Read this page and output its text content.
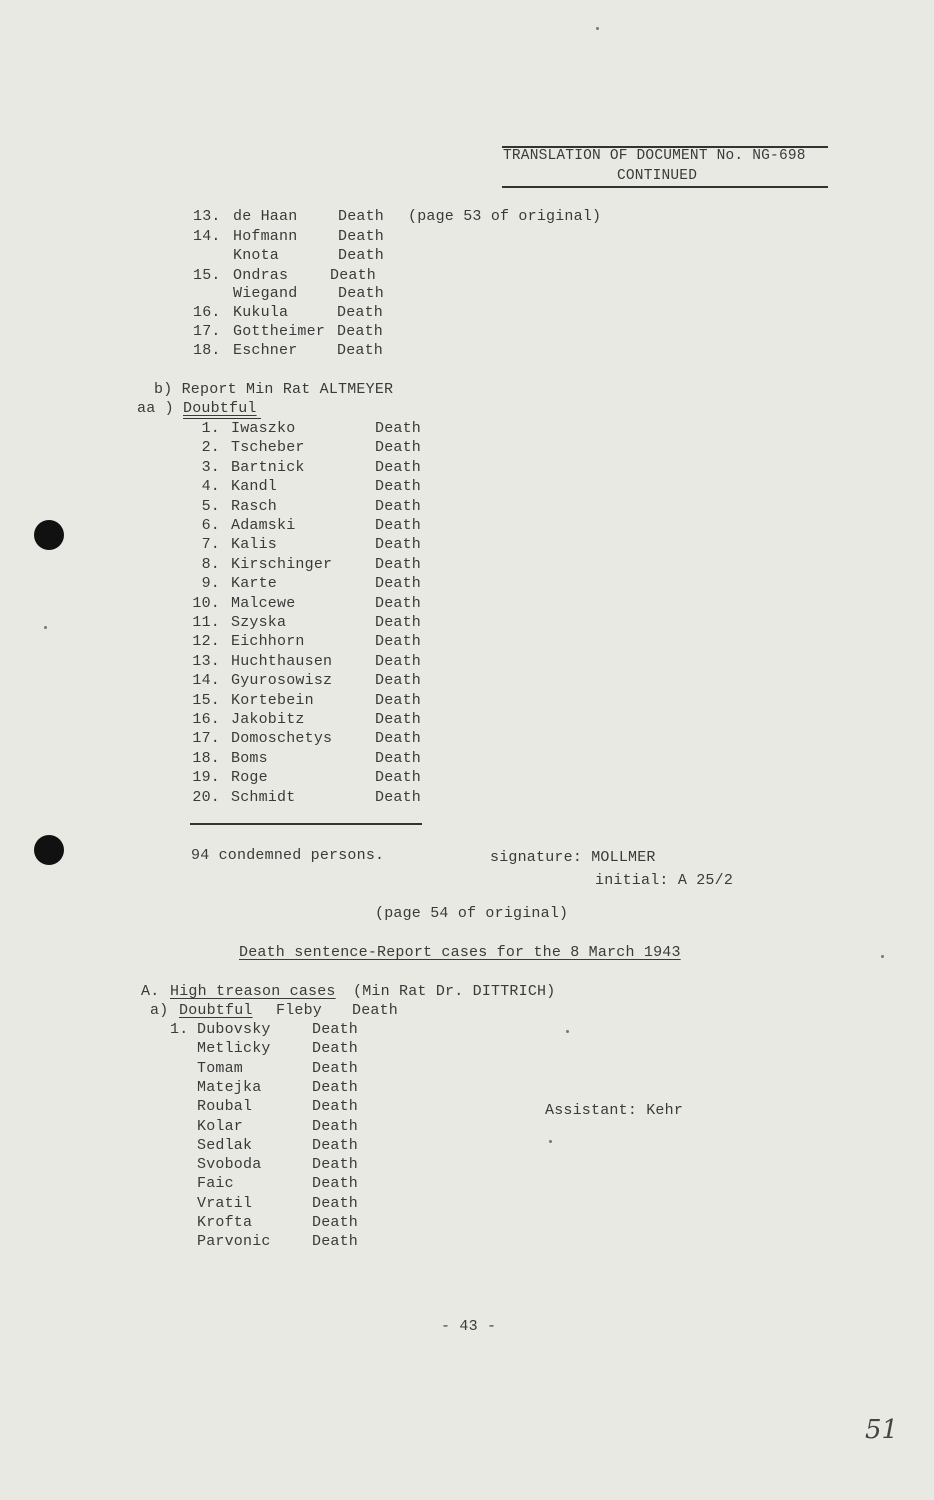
TRANSLATION OF DOCUMENT No. NG-698
CONTINUED
13. de Haan	Death (page 53 of original)
14. Hofmann	Death
Knota	Death
15. Ondras	Death
Wiegand	Death
16. Kukula	Death
17. Gottheimer Death
18. Eschner	Death
b) Report Min Rat ALTMEYER
aa ) Doubtful
1. Iwaszko	Death
2. Tscheber	Death
3. Bartnick	Death
4. Kandl	Death
5. Rasch	Death
6. Adamski	Death
7. Kalis	Death
8. Kirschinger	Death
9. Karte	Death
10. Malcewe	Death
11. Szyska	Death
12. Eichhorn	Death
13. Huchthausen	Death
14. Gyurosowisz	Death
15. Kortebein	Death
16. Jakobitz	Death
17. Domoschetys	Death
18. Boms	Death
19. Roge	Death
20. Schmidt	Death
94 condemned persons.	signature: MOLLMER
initial: A 25/2
(page 54 of original)
Death sentence-Report cases for the 8 March 1943
A. High treason cases (Min Rat Dr. DITTRICH)
a) Doubtful Fleby Death
1. Dubovsky	Death
Metlicky	Death
Tomam	Death
Matejka	Death
Roubal	Death
Kolar	Death
Sedlak	Death
Svoboda	Death
Faic	Death
Vratil	Death
Krofta	Death
Parvonic	Death
Assistant: Kehr
- 43 -
51
